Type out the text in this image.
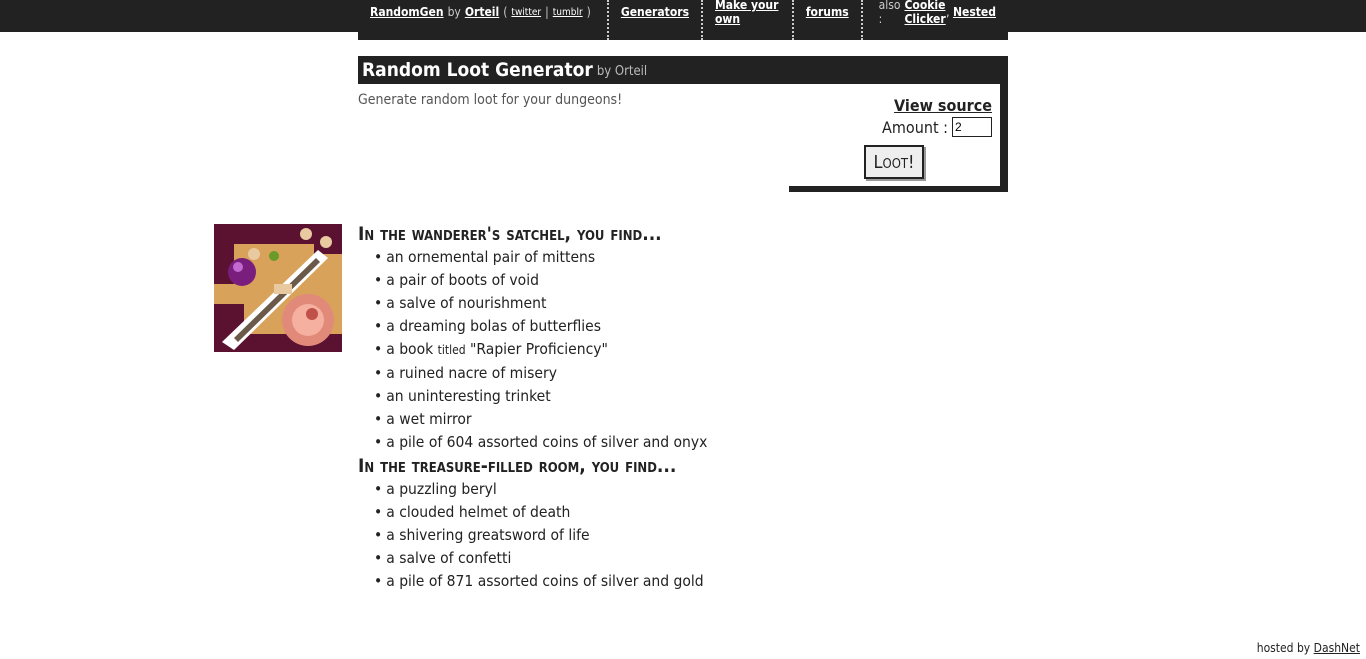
RandomGen by Orteil ( twitter | tumblr )	Generators Make your own	forums	also :
Cookie Clicker , Nested
Random Loot Generator by Orteil
Generate random loot for your dungeons!	View source
Amount :
2
Loot!
In the wanderer's satchel, you find...
• an ornemental pair of mittens
• a pair of boots of void
• a salve of nourishment
• a dreaming bolas of butterflies
• a book titled "Rapier Proficiency"
• a ruined nacre of misery
• an uninteresting trinket
• a wet mirror
• a pile of 604 assorted coins of silver and onyx
In the treasure-filled room, you find...
• a puzzling beryl
• a clouded helmet of death
• a shivering greatsword of life
• a salve of confetti
• a pile of 871 assorted coins of silver and gold
hosted by DashNet
